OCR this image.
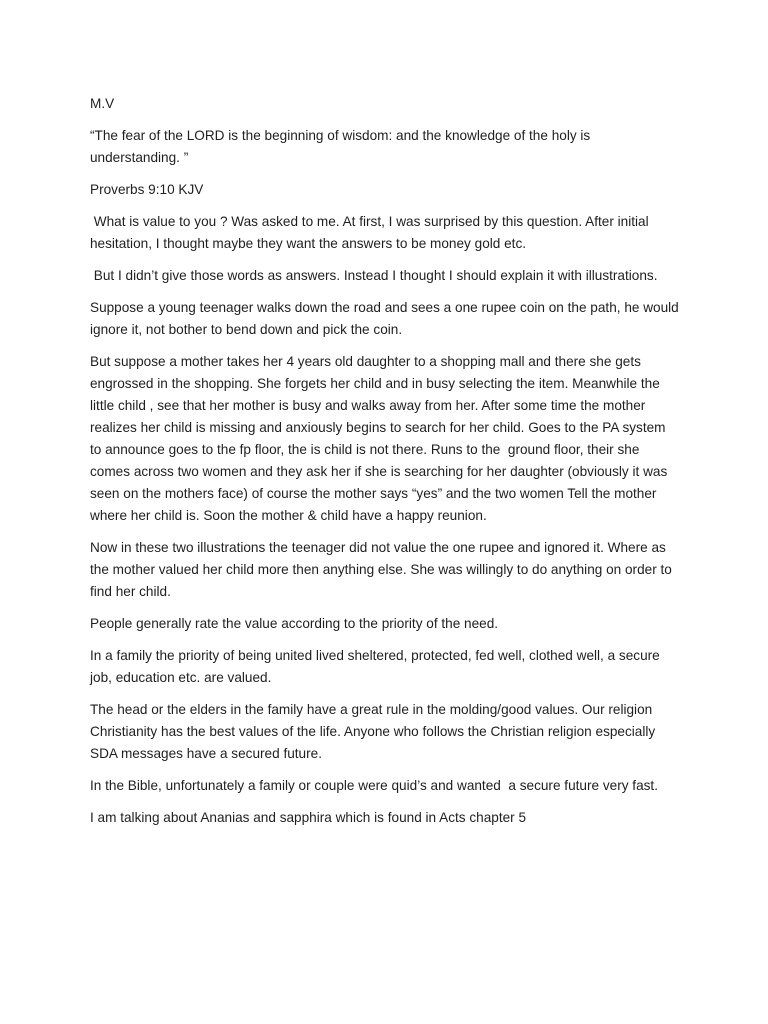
M.V

“The fear of the LORD is the beginning of wisdom: and the knowledge of the holy is understanding. ”

Proverbs 9:10 KJV

What is value to you ? Was asked to me. At first, I was surprised by this question. After initial hesitation, I thought maybe they want the answers to be money gold etc.

But I didn’t give those words as answers. Instead I thought I should explain it with illustrations.

Suppose a young teenager walks down the road and sees a one rupee coin on the path, he would ignore it, not bother to bend down and pick the coin.

But suppose a mother takes her 4 years old daughter to a shopping mall and there she gets engrossed in the shopping. She forgets her child and in busy selecting the item. Meanwhile the little child , see that her mother is busy and walks away from her. After some time the mother realizes her child is missing and anxiously begins to search for her child. Goes to the PA system to announce goes to the fp floor, the is child is not there. Runs to the  ground floor, their she comes across two women and they ask her if she is searching for her daughter (obviously it was seen on the mothers face) of course the mother says “yes” and the two women Tell the mother where her child is. Soon the mother & child have a happy reunion.

Now in these two illustrations the teenager did not value the one rupee and ignored it. Where as the mother valued her child more then anything else. She was willingly to do anything on order to find her child.

People generally rate the value according to the priority of the need.

In a family the priority of being united lived sheltered, protected, fed well, clothed well, a secure job, education etc. are valued.

The head or the elders in the family have a great rule in the molding/good values. Our religion Christianity has the best values of the life. Anyone who follows the Christian religion especially SDA messages have a secured future.

In the Bible, unfortunately a family or couple were quid’s and wanted  a secure future very fast.

I am talking about Ananias and sapphira which is found in Acts chapter 5
